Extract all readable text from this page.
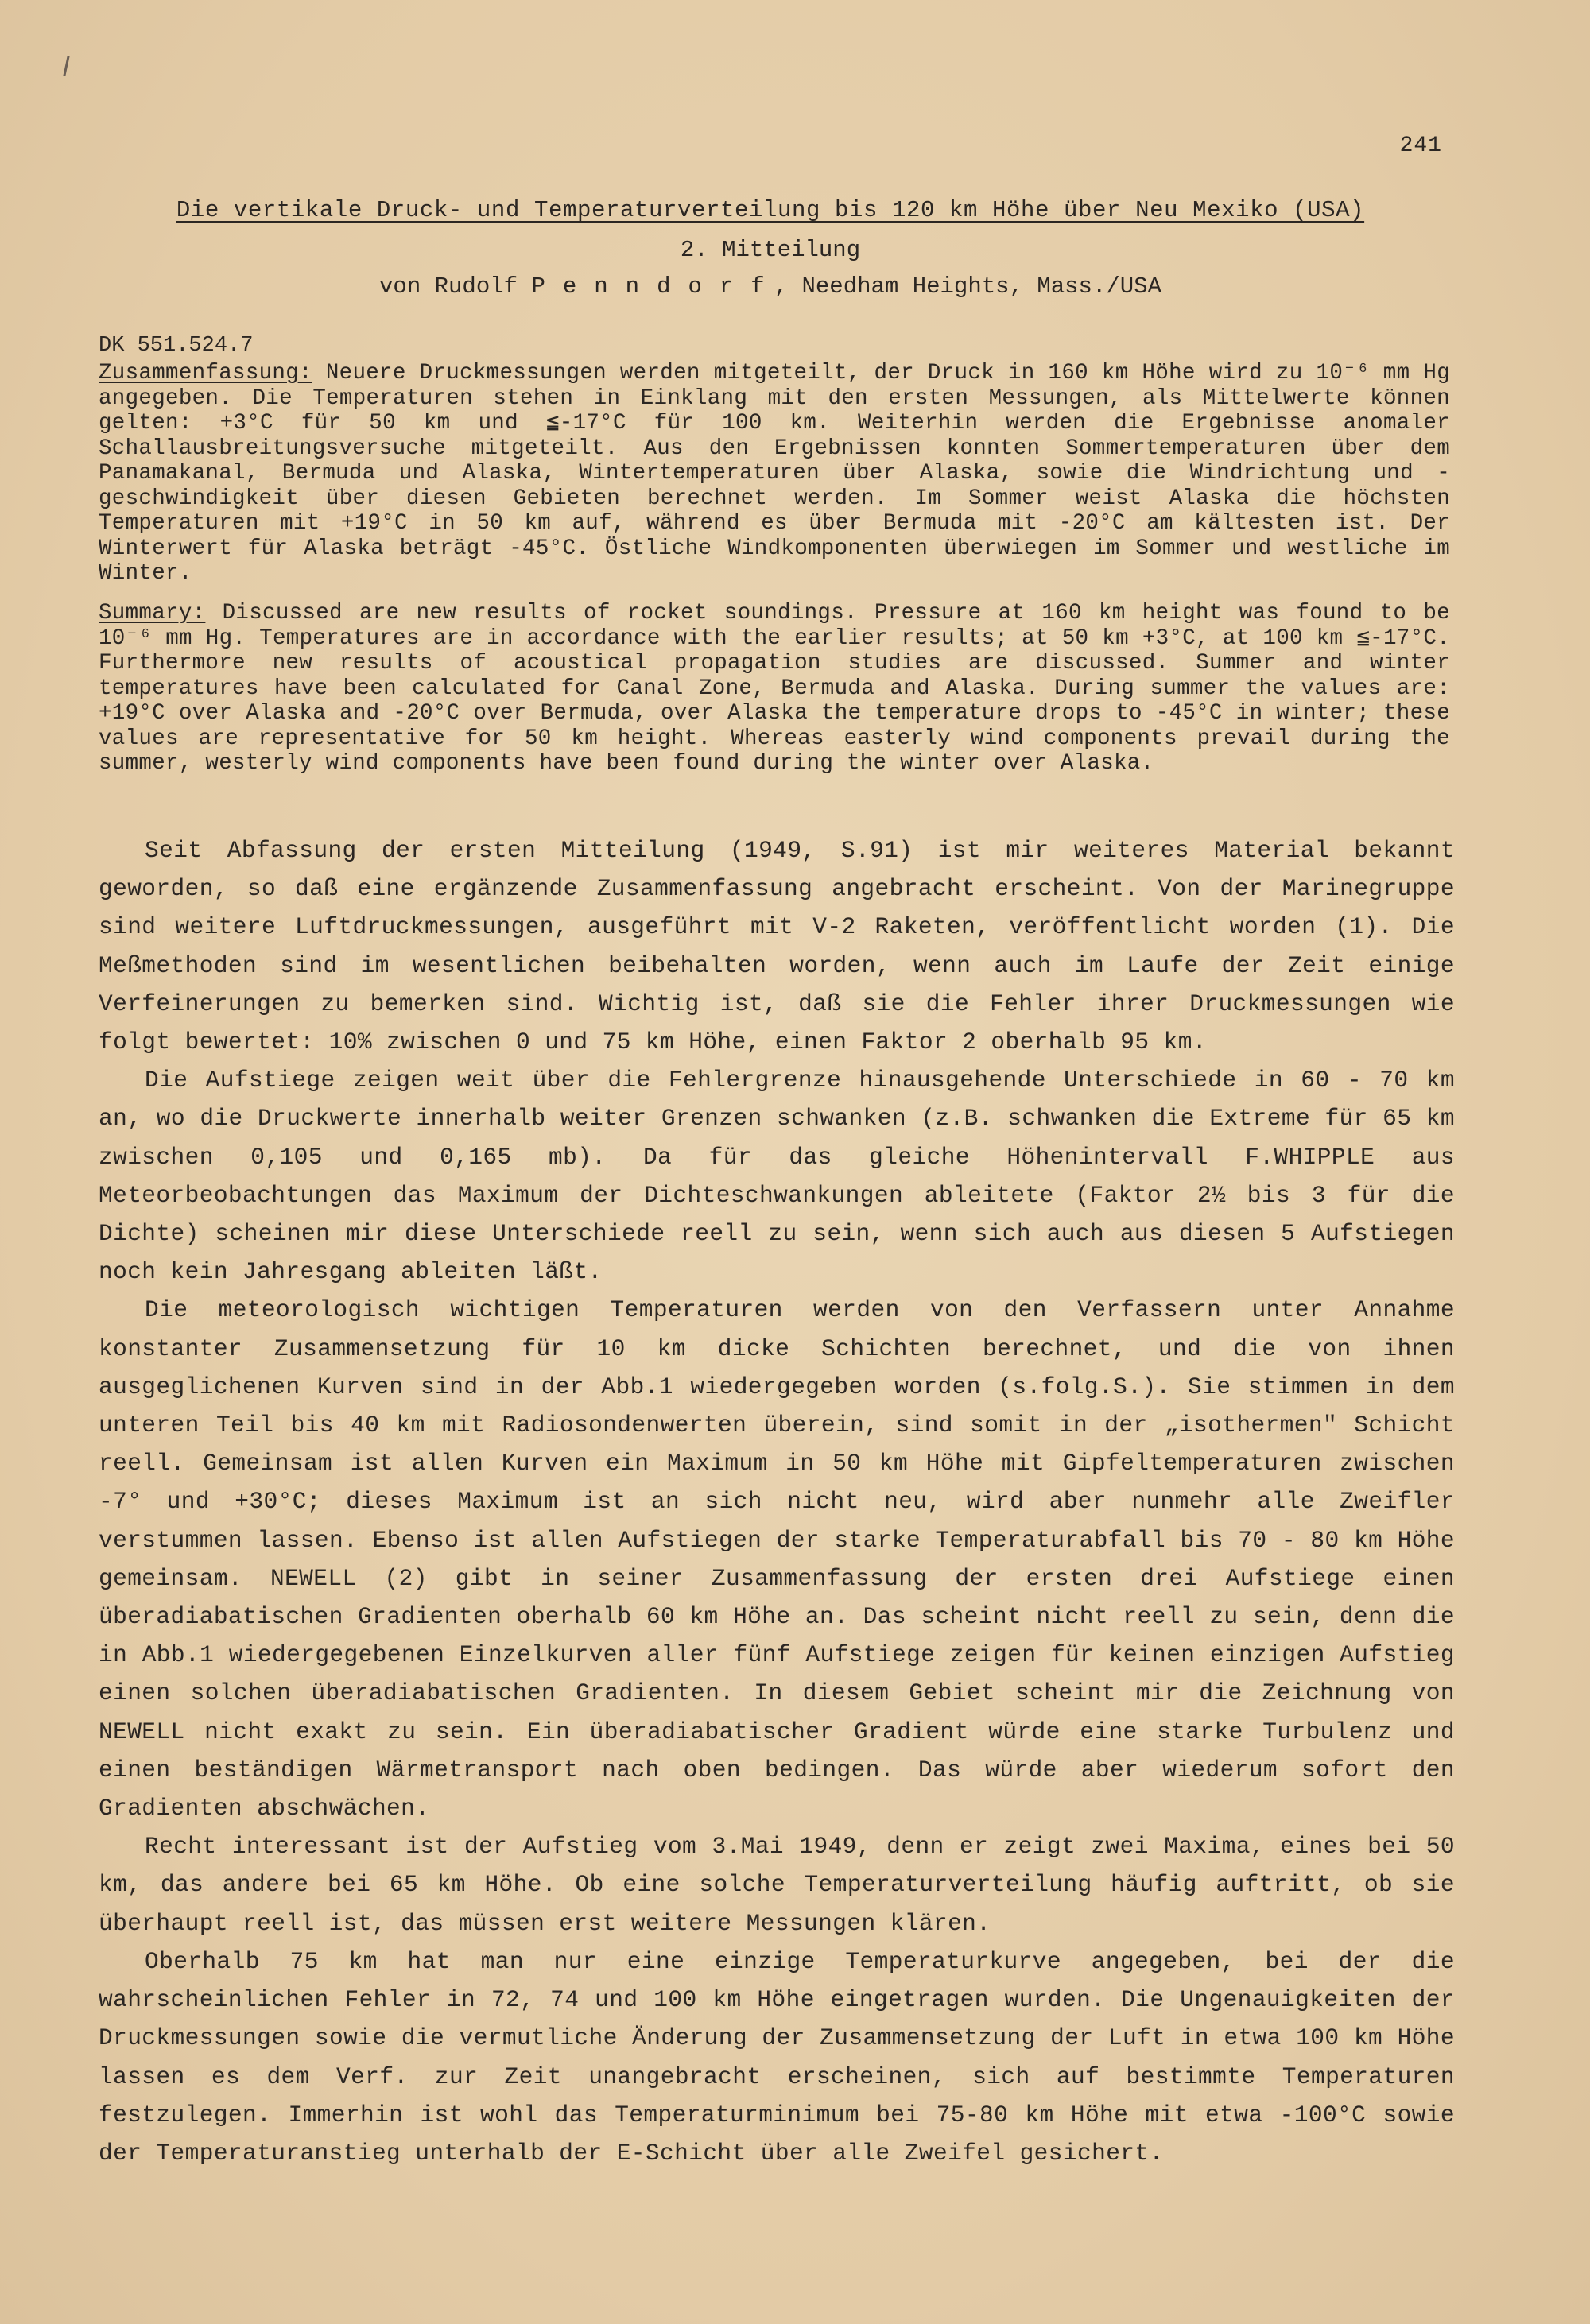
241
Die vertikale Druck- und Temperaturverteilung bis 120 km Höhe über Neu Mexiko (USA)
2. Mitteilung
von Rudolf Penndorf, Needham Heights, Mass./USA
DK 551.524.7
Zusammenfassung: Neuere Druckmessungen werden mitgeteilt, der Druck in 160 km Höhe wird zu 10⁻⁶ mm Hg angegeben. Die Temperaturen stehen in Einklang mit den ersten Messungen, als Mittelwerte können gelten: +3°C für 50 km und ≦-17°C für 100 km. Weiterhin werden die Ergebnisse anomaler Schallausbreitungsversuche mitgeteilt. Aus den Ergebnissen konnten Sommertemperaturen über dem Panamakanal, Bermuda und Alaska, Wintertemperaturen über Alaska, sowie die Windrichtung und -geschwindigkeit über diesen Gebieten berechnet werden. Im Sommer weist Alaska die höchsten Temperaturen mit +19°C in 50 km auf, während es über Bermuda mit -20°C am kältesten ist. Der Winterwert für Alaska beträgt -45°C. Östliche Windkomponenten überwiegen im Sommer und westliche im Winter.
Summary: Discussed are new results of rocket soundings. Pressure at 160 km height was found to be 10⁻⁶ mm Hg. Temperatures are in accordance with the earlier results; at 50 km +3°C, at 100 km ≦-17°C. Furthermore new results of acoustical propagation studies are discussed. Summer and winter temperatures have been calculated for Canal Zone, Bermuda and Alaska. During summer the values are: +19°C over Alaska and -20°C over Bermuda, over Alaska the temperature drops to -45°C in winter; these values are representative for 50 km height. Whereas easterly wind components prevail during the summer, westerly wind components have been found during the winter over Alaska.

Seit Abfassung der ersten Mitteilung (1949, S.91) ist mir weiteres Material bekannt geworden, so daß eine ergänzende Zusammenfassung angebracht erscheint. Von der Marinegruppe sind weitere Luftdruckmessungen, ausgeführt mit V-2 Raketen, veröffentlicht worden (1). Die Meßmethoden sind im wesentlichen beibehalten worden, wenn auch im Laufe der Zeit einige Verfeinerungen zu bemerken sind. Wichtig ist, daß sie die Fehler ihrer Druckmessungen wie folgt bewertet: 10% zwischen 0 und 75 km Höhe, einen Faktor 2 oberhalb 95 km.

Die Aufstiege zeigen weit über die Fehlergrenze hinausgehende Unterschiede in 60 - 70 km an, wo die Druckwerte innerhalb weiter Grenzen schwanken (z.B. schwanken die Extreme für 65 km zwischen 0,105 und 0,165 mb). Da für das gleiche Höhenintervall F.WHIPPLE aus Meteorbeobachtungen das Maximum der Dichteschwankungen ableitete (Faktor 2½ bis 3 für die Dichte) scheinen mir diese Unterschiede reell zu sein, wenn sich auch aus diesen 5 Aufstiegen noch kein Jahresgang ableiten läßt.

Die meteorologisch wichtigen Temperaturen werden von den Verfassern unter Annahme konstanter Zusammensetzung für 10 km dicke Schichten berechnet, und die von ihnen ausgeglichenen Kurven sind in der Abb.1 wiedergegeben worden (s.folg.S.). Sie stimmen in dem unteren Teil bis 40 km mit Radiosondenwerten überein, sind somit in der „isothermen" Schicht reell. Gemeinsam ist allen Kurven ein Maximum in 50 km Höhe mit Gipfeltemperaturen zwischen -7° und +30°C; dieses Maximum ist an sich nicht neu, wird aber nunmehr alle Zweifler verstummen lassen. Ebenso ist allen Aufstiegen der starke Temperaturabfall bis 70 - 80 km Höhe gemeinsam. NEWELL (2) gibt in seiner Zusammenfassung der ersten drei Aufstiege einen überadiabatischen Gradienten oberhalb 60 km Höhe an. Das scheint nicht reell zu sein, denn die in Abb.1 wiedergegebenen Einzelkurven aller fünf Aufstiege zeigen für keinen einzigen Aufstieg einen solchen überadiabatischen Gradienten. In diesem Gebiet scheint mir die Zeichnung von NEWELL nicht exakt zu sein. Ein überadiabatischer Gradient würde eine starke Turbulenz und einen beständigen Wärmetransport nach oben bedingen. Das würde aber wiederum sofort den Gradienten abschwächen.

Recht interessant ist der Aufstieg vom 3.Mai 1949, denn er zeigt zwei Maxima, eines bei 50 km, das andere bei 65 km Höhe. Ob eine solche Temperaturverteilung häufig auftritt, ob sie überhaupt reell ist, das müssen erst weitere Messungen klären.

Oberhalb 75 km hat man nur eine einzige Temperaturkurve angegeben, bei der die wahrscheinlichen Fehler in 72, 74 und 100 km Höhe eingetragen wurden. Die Ungenauigkeiten der Druckmessungen sowie die vermutliche Änderung der Zusammensetzung der Luft in etwa 100 km Höhe lassen es dem Verf. zur Zeit unangebracht erscheinen, sich auf bestimmte Temperaturen festzulegen. Immerhin ist wohl das Temperaturminimum bei 75-80 km Höhe mit etwa -100°C sowie der Temperaturanstieg unterhalb der E-Schicht über alle Zweifel gesichert.
